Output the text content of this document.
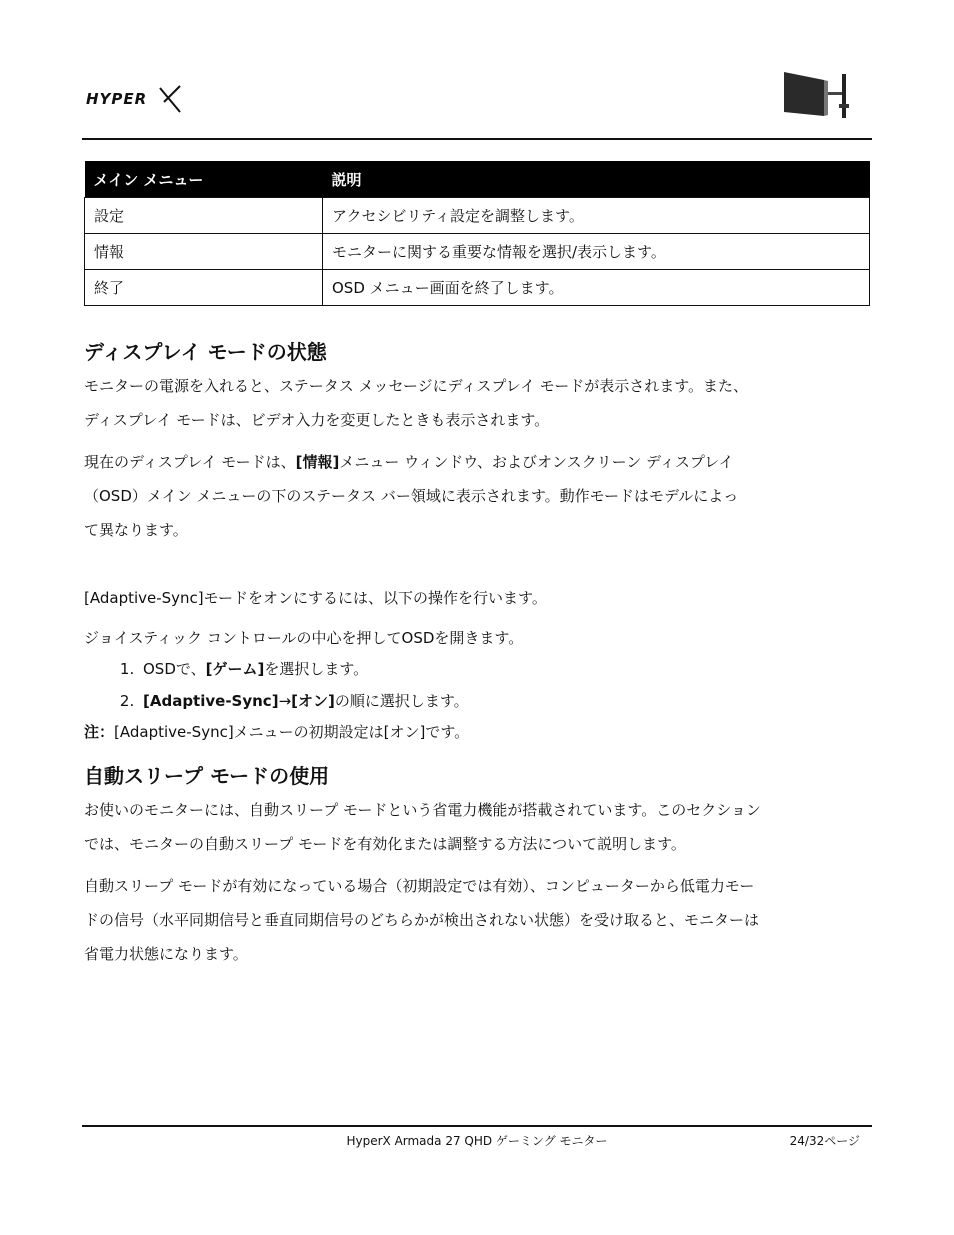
HYPER
メイン メニュー	説明
設定	アクセシビリティ設定を調整します。
情報	モニターに関する重要な情報を選択/表示します。
終了	OSD メニュー画面を終了します。
ディスプレイ モードの状態

モニターの電源を入れると、ステータス メッセージにディスプレイ モードが表示されます。また、
ディスプレイ モードは、ビデオ入力を変更したときも表示されます。

現在のディスプレイ モードは、[情報]メニュー ウィンドウ、およびオンスクリーン ディスプレイ
（OSD）メイン メニューの下のステータス バー領域に表示されます。動作モードはモデルによっ
て異なります。

[Adaptive-Sync]モードをオンにするには、以下の操作を行います。

ジョイスティック コントロールの中心を押してOSDを開きます。

1. OSDで、[ゲーム]を選択します。
2. [Adaptive-Sync]→[オン]の順に選択します。
注：[Adaptive-Sync]メニューの初期設定は[オン]です。
自動スリープ モードの使用

お使いのモニターには、自動スリープ モードという省電力機能が搭載されています。このセクション
では、モニターの自動スリープ モードを有効化または調整する方法について説明します。

自動スリープ モードが有効になっている場合（初期設定では有効）、コンピューターから低電力モー
ドの信号（水平同期信号と垂直同期信号のどちらかが検出されない状態）を受け取ると、モニターは
省電力状態になります。

HyperX Armada 27 QHD ゲーミング モニター	24/32ページ
